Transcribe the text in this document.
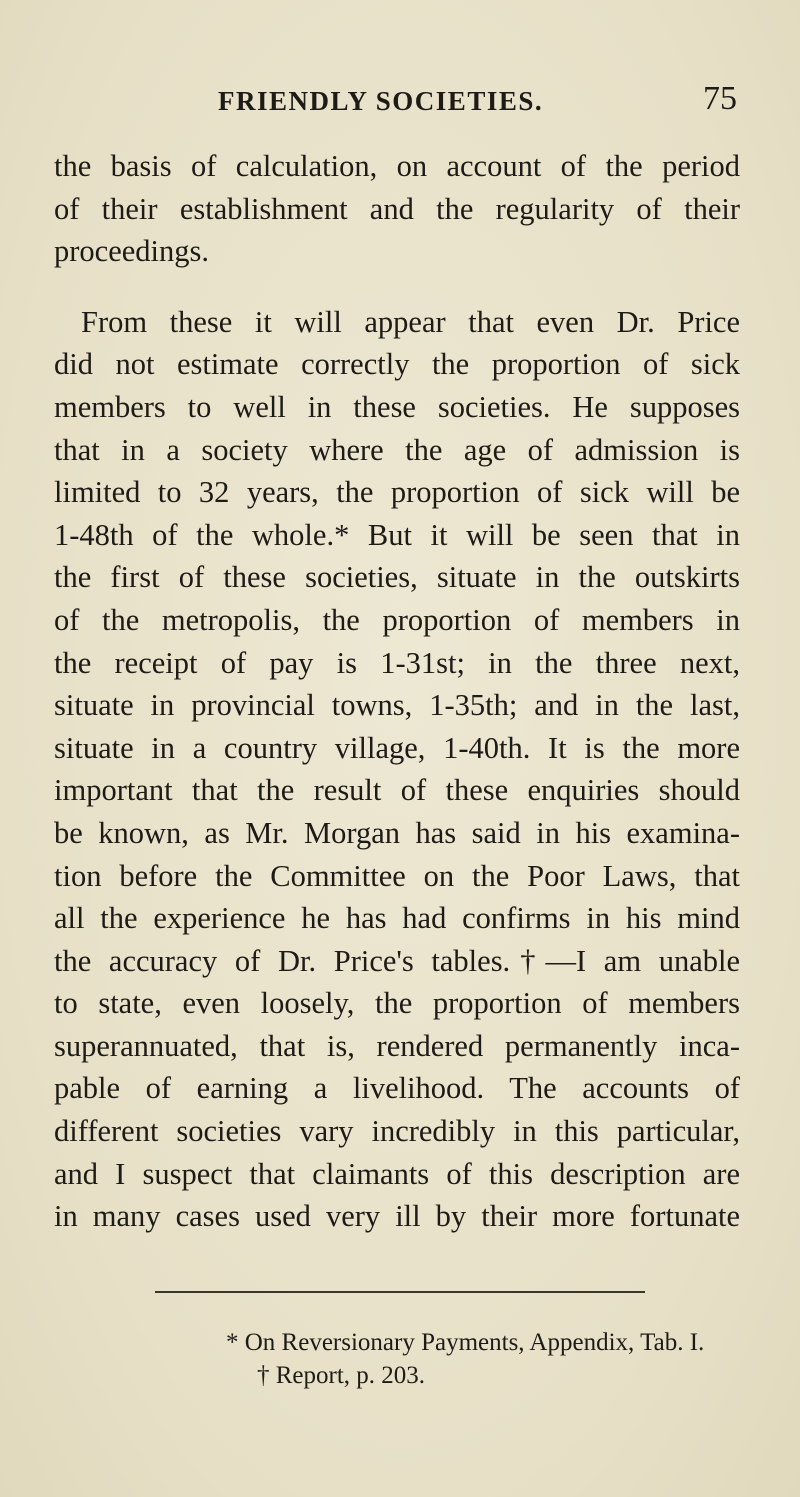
FRIENDLY SOCIETIES.	75
the basis of calculation, on account of the period
of their establishment and the regularity of their
proceedings.
From these it will appear that even Dr. Price
did not estimate correctly the proportion of sick
members to well in these societies. He supposes
that in a society where the age of admission is
limited to 32 years, the proportion of sick will be
1-48th of the whole.* But it will be seen that in
the first of these societies, situate in the outskirts
of the metropolis, the proportion of members in
the receipt of pay is 1-31st; in the three next,
situate in provincial towns, 1-35th; and in the last,
situate in a country village, 1-40th. It is the more
important that the result of these enquiries should
be known, as Mr. Morgan has said in his examina-
tion before the Committee on the Poor Laws, that
all the experience he has had confirms in his mind
the accuracy of Dr. Price's tables.†—I am unable
to state, even loosely, the proportion of members
superannuated, that is, rendered permanently inca-
pable of earning a livelihood. The accounts of
different societies vary incredibly in this particular,
and I suspect that claimants of this description are
in many cases used very ill by their more fortunate
* On Reversionary Payments, Appendix, Tab. I.
† Report, p. 203.
